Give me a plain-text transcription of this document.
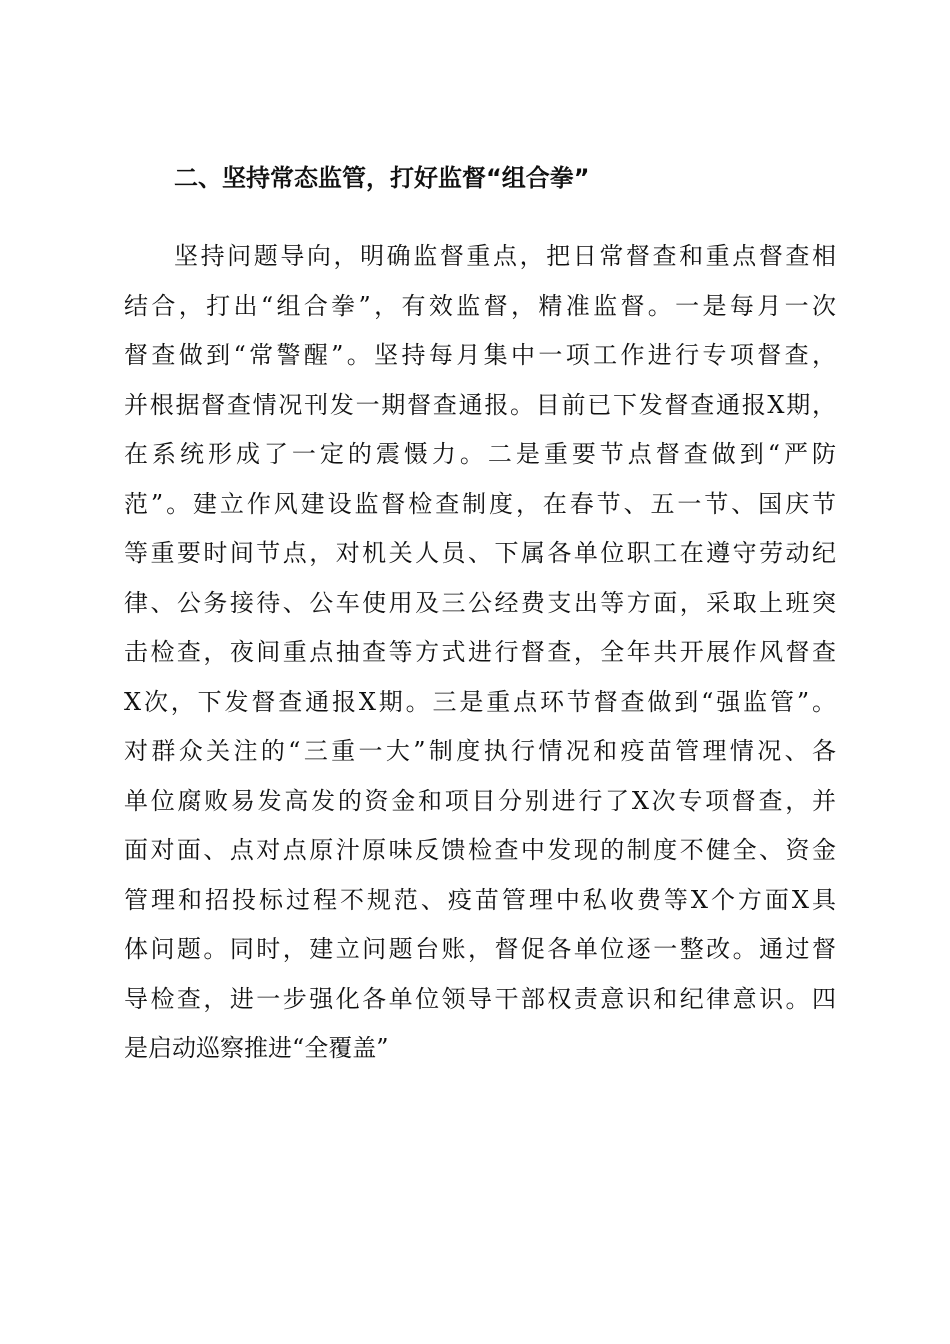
二、坚持常态监管，打好监督“组合拳”
坚持问题导向，明确监督重点，把日常督查和重点督查相
结合，打出“组合拳”，有效监督，精准监督。一是每月一次
督查做到“常警醒”。坚持每月集中一项工作进行专项督查，
并根据督查情况刊发一期督查通报。目前已下发督查通报X期，
在系统形成了一定的震慑力。二是重要节点督查做到“严防
范”。建立作风建设监督检查制度，在春节、五一节、国庆节
等重要时间节点，对机关人员、下属各单位职工在遵守劳动纪
律、公务接待、公车使用及三公经费支出等方面，采取上班突
击检查，夜间重点抽查等方式进行督查，全年共开展作风督查
X次，下发督查通报X期。三是重点环节督查做到“强监管”。
对群众关注的“三重一大”制度执行情况和疫苗管理情况、各
单位腐败易发高发的资金和项目分别进行了X次专项督查，并
面对面、点对点原汁原味反馈检查中发现的制度不健全、资金
管理和招投标过程不规范、疫苗管理中私收费等X个方面X具
体问题。同时，建立问题台账，督促各单位逐一整改。通过督
导检查，进一步强化各单位领导干部权责意识和纪律意识。四
是启动巡察推进“全覆盖”
